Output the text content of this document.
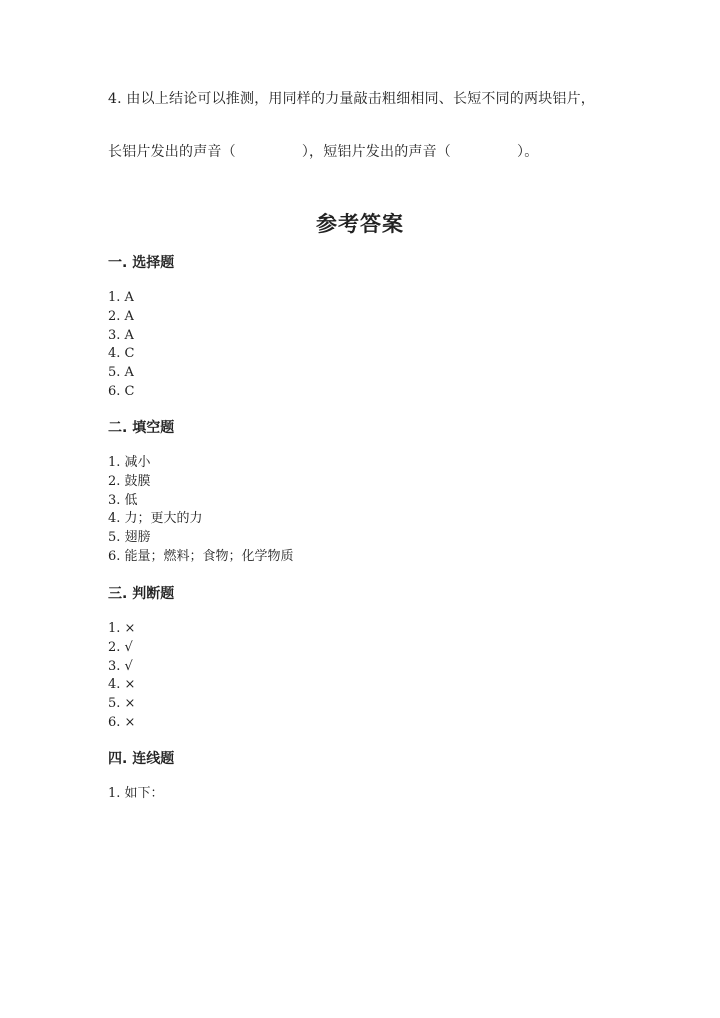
4. 由以上结论可以推测，用同样的力量敲击粗细相同、长短不同的两块铝片，
长铝片发出的声音（	），短铝片发出的声音（	）。
参考答案
一. 选择题
1. A
2. A
3. A
4. C
5. A
6. C
二. 填空题
1. 减小
2. 鼓膜
3. 低
4. 力；更大的力
5. 翅膀
6. 能量；燃料；食物；化学物质
三. 判断题
1. ×
2. √
3. √
4. ×
5. ×
6. ×
四. 连线题
1. 如下：
